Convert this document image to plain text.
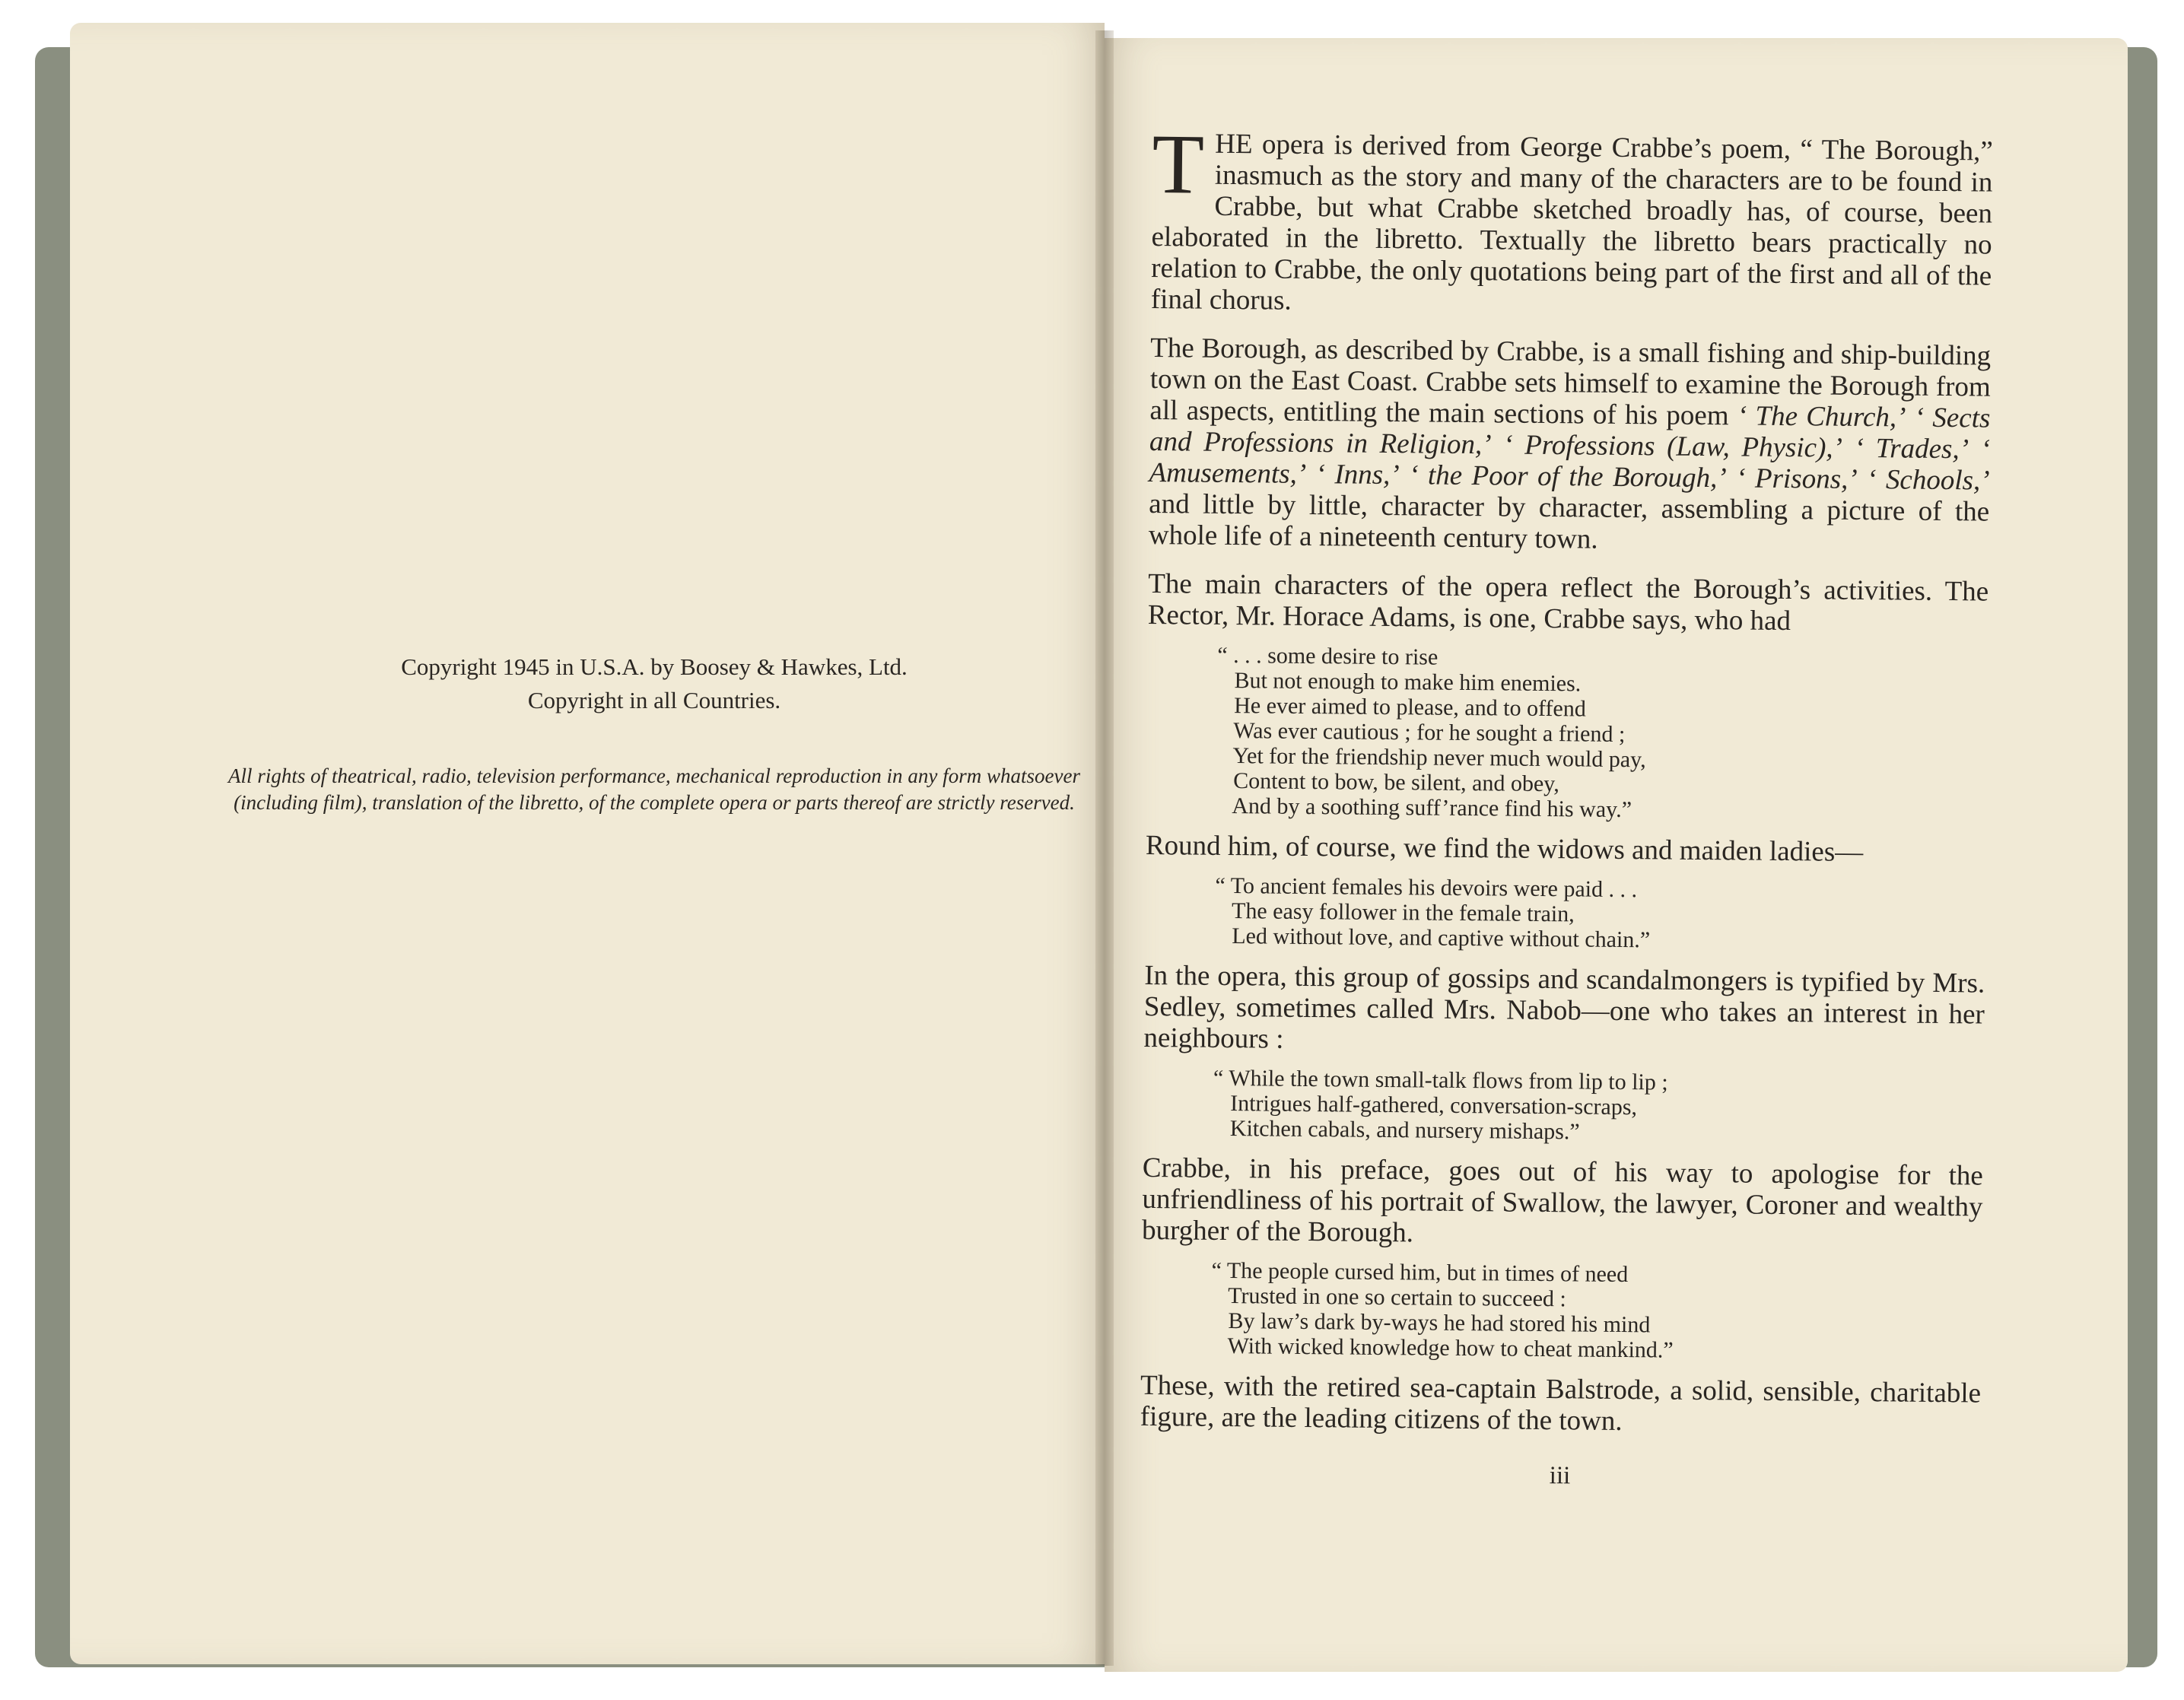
Copyright 1945 in U.S.A. by Boosey & Hawkes, Ltd.
Copyright in all Countries.
All rights of theatrical, radio, television performance, mechanical reproduction in any form whatsoever (including film), translation of the libretto, of the complete opera or parts thereof are strictly reserved.

THE opera is derived from George Crabbe’s poem, “ The Borough,” inasmuch as the story and many of the characters are to be found in Crabbe, but what Crabbe sketched broadly has, of course, been elaborated in the libretto. Textually the libretto bears practically no relation to Crabbe, the only quotations being part of the first and all of the final chorus.

The Borough, as described by Crabbe, is a small fishing and ship-building town on the East Coast. Crabbe sets himself to examine the Borough from all aspects, entitling the main sections of his poem ‘ The Church,’ ‘ Sects and Professions in Religion,’ ‘ Professions (Law, Physic),’ ‘ Trades,’ ‘ Amusements,’ ‘ Inns,’ ‘ the Poor of the Borough,’ ‘ Prisons,’ ‘ Schools,’ and little by little, character by character, assembling a picture of the whole life of a nineteenth century town.

The main characters of the opera reflect the Borough’s activities. The Rector, Mr. Horace Adams, is one, Crabbe says, who had

“ . . . some desire to rise
But not enough to make him enemies.
He ever aimed to please, and to offend
Was ever cautious ; for he sought a friend ;
Yet for the friendship never much would pay,
Content to bow, be silent, and obey,
And by a soothing suff’rance find his way.”

Round him, of course, we find the widows and maiden ladies—

“ To ancient females his devoirs were paid . . .
The easy follower in the female train,
Led without love, and captive without chain.”

In the opera, this group of gossips and scandalmongers is typified by Mrs. Sedley, sometimes called Mrs. Nabob—one who takes an interest in her neighbours :

“ While the town small-talk flows from lip to lip ;
Intrigues half-gathered, conversation-scraps,
Kitchen cabals, and nursery mishaps.”

Crabbe, in his preface, goes out of his way to apologise for the unfriendliness of his portrait of Swallow, the lawyer, Coroner and wealthy burgher of the Borough.

“ The people cursed him, but in times of need
Trusted in one so certain to succeed :
By law’s dark by-ways he had stored his mind
With wicked knowledge how to cheat mankind.”

These, with the retired sea-captain Balstrode, a solid, sensible, charitable figure, are the leading citizens of the town.

iii
